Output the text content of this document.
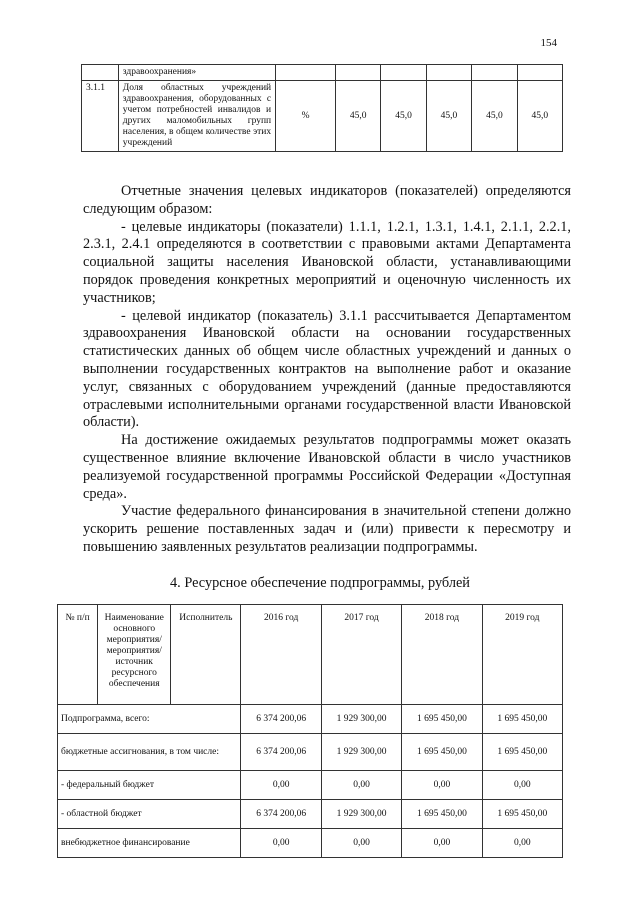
154
	здравоохранения»						
3.1.1	Доля областных учреждений здравоохранения, оборудованных с учетом потребностей инвалидов и других маломобильных групп населения, в общем количестве этих учреждений	%	45,0	45,0	45,0	45,0	45,0

Отчетные значения целевых индикаторов (показателей) определяются следующим образом:

- целевые индикаторы (показатели) 1.1.1, 1.2.1, 1.3.1, 1.4.1, 2.1.1, 2.2.1, 2.3.1, 2.4.1 определяются в соответствии с правовыми актами Департамента социальной защиты населения Ивановской области, устанавливающими порядок проведения конкретных мероприятий и оценочную численность их участников;

- целевой индикатор (показатель) 3.1.1 рассчитывается Департаментом здравоохранения Ивановской области на основании государственных статистических данных об общем числе областных учреждений и данных о выполнении государственных контрактов на выполнение работ и оказание услуг, связанных с оборудованием учреждений (данные предоставляются отраслевыми исполнительными органами государственной власти Ивановской области).

На достижение ожидаемых результатов подпрограммы может оказать существенное влияние включение Ивановской области в число участников реализуемой государственной программы Российской Федерации «Доступная среда».

Участие федерального финансирования в значительной степени должно ускорить решение поставленных задач и (или) привести к пересмотру и повышению заявленных результатов реализации подпрограммы.

4. Ресурсное обеспечение подпрограммы, рублей
№ п/п	Наименование основного мероприятия/ мероприятия/ источник ресурсного обеспечения	Исполнитель	2016 год	2017 год	2018 год	2019 год
Подпрограмма, всего:			6 374 200,06	1 929 300,00	1 695 450,00	1 695 450,00
бюджетные ассигнования, в том числе:			6 374 200,06	1 929 300,00	1 695 450,00	1 695 450,00
- федеральный бюджет			0,00	0,00	0,00	0,00
- областной бюджет			6 374 200,06	1 929 300,00	1 695 450,00	1 695 450,00
внебюджетное финансирование			0,00	0,00	0,00	0,00
